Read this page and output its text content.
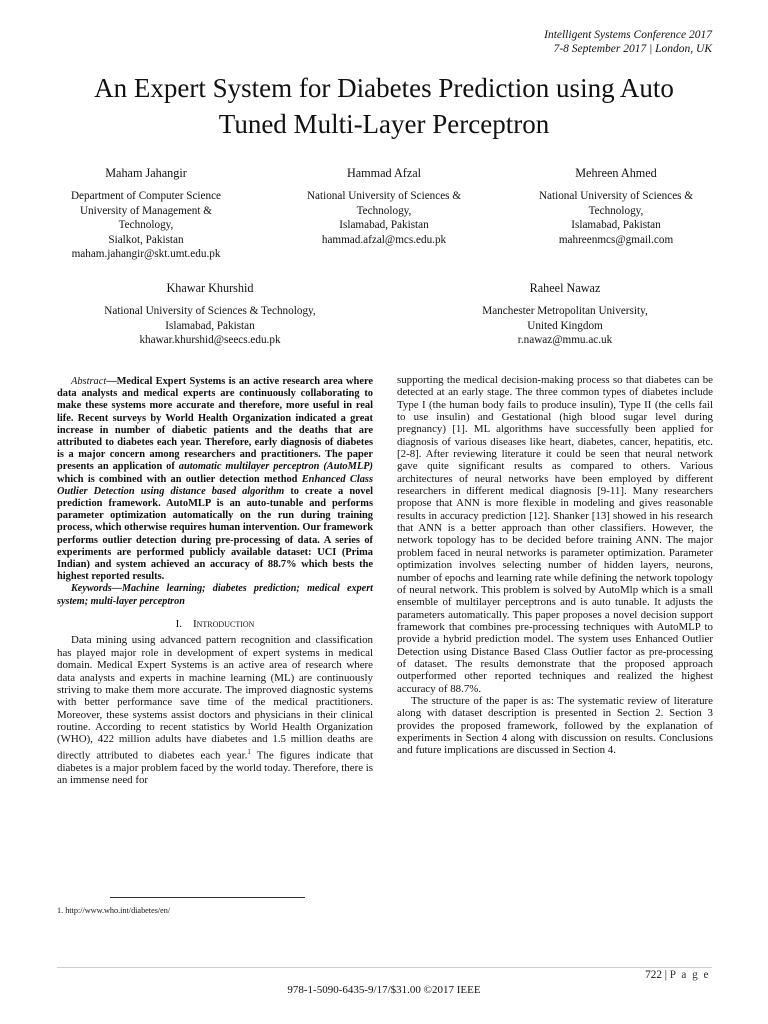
Intelligent Systems Conference 2017
7-8 September 2017 | London, UK
An Expert System for Diabetes Prediction using Auto
Tuned Multi-Layer Perceptron
Maham Jahangir
Department of Computer Science
University of Management &
Technology,
Sialkot, Pakistan
maham.jahangir@skt.umt.edu.pk
Hammad Afzal
National University of Sciences &
Technology,
Islamabad, Pakistan
hammad.afzal@mcs.edu.pk
Mehreen Ahmed
National University of Sciences &
Technology,
Islamabad, Pakistan
mahreenmcs@gmail.com
Khawar Khurshid
National University of Sciences & Technology,
Islamabad, Pakistan
khawar.khurshid@seecs.edu.pk
Raheel Nawaz
Manchester Metropolitan University,
United Kingdom
r.nawaz@mmu.ac.uk

Abstract—Medical Expert Systems is an active research area where data analysts and medical experts are continuously collaborating to make these systems more accurate and therefore, more useful in real life. Recent surveys by World Health Organization indicated a great increase in number of diabetic patients and the deaths that are attributed to diabetes each year. Therefore, early diagnosis of diabetes is a major concern among researchers and practitioners. The paper presents an application of automatic multilayer perceptron (AutoMLP) which is combined with an outlier detection method Enhanced Class Outlier Detection using distance based algorithm to create a novel prediction framework. AutoMLP is an auto-tunable and performs parameter optimization automatically on the run during training process, which otherwise requires human intervention. Our framework performs outlier detection during pre-processing of data. A series of experiments are performed publicly available dataset: UCI (Prima Indian) and system achieved an accuracy of 88.7% which bests the highest reported results.

Keywords—Machine learning; diabetes prediction; medical expert system; multi-layer perceptron

I. Introduction

Data mining using advanced pattern recognition and classification has played major role in development of expert systems in medical domain. Medical Expert Systems is an active area of research where data analysts and experts in machine learning (ML) are continuously striving to make them more accurate. The improved diagnostic systems with better performance save time of the medical practitioners. Moreover, these systems assist doctors and physicians in their clinical routine. According to recent statistics by World Health Organization (WHO), 422 million adults have diabetes and 1.5 million deaths are directly attributed to diabetes each year.$^1$ The figures indicate that diabetes is a major problem faced by the world today. Therefore, there is an immense need for

supporting the medical decision-making process so that diabetes can be detected at an early stage. The three common types of diabetes include Type I (the human body fails to produce insulin), Type II (the cells fail to use insulin) and Gestational (high blood sugar level during pregnancy) [1]. ML algorithms have successfully been applied for diagnosis of various diseases like heart, diabetes, cancer, hepatitis, etc. [2-8]. After reviewing literature it could be seen that neural network gave quite significant results as compared to others. Various architectures of neural networks have been employed by different researchers in different medical diagnosis [9-11]. Many researchers propose that ANN is more flexible in modeling and gives reasonable results in accuracy prediction [12]. Shanker [13] showed in his research that ANN is a better approach than other classifiers. However, the network topology has to be decided before training ANN. The major problem faced in neural networks is parameter optimization. Parameter optimization involves selecting number of hidden layers, neurons, number of epochs and learning rate while defining the network topology of neural network. This problem is solved by AutoMlp which is a small ensemble of multilayer perceptrons and is auto tunable. It adjusts the parameters automatically. This paper proposes a novel decision support framework that combines pre-processing techniques with AutoMLP to provide a hybrid prediction model. The system uses Enhanced Outlier Detection using Distance Based Class Outlier factor as pre-processing of dataset. The results demonstrate that the proposed approach outperformed other reported techniques and realized the highest accuracy of 88.7%.

The structure of the paper is as: The systematic review of literature along with dataset description is presented in Section 2. Section 3 provides the proposed framework, followed by the explanation of experiments in Section 4 along with discussion on results. Conclusions and future implications are discussed in Section 4.

1. http://www.who.int/diabetes/en/
722 | P a g e
978-1-5090-6435-9/17/$31.00 ©2017 IEEE
